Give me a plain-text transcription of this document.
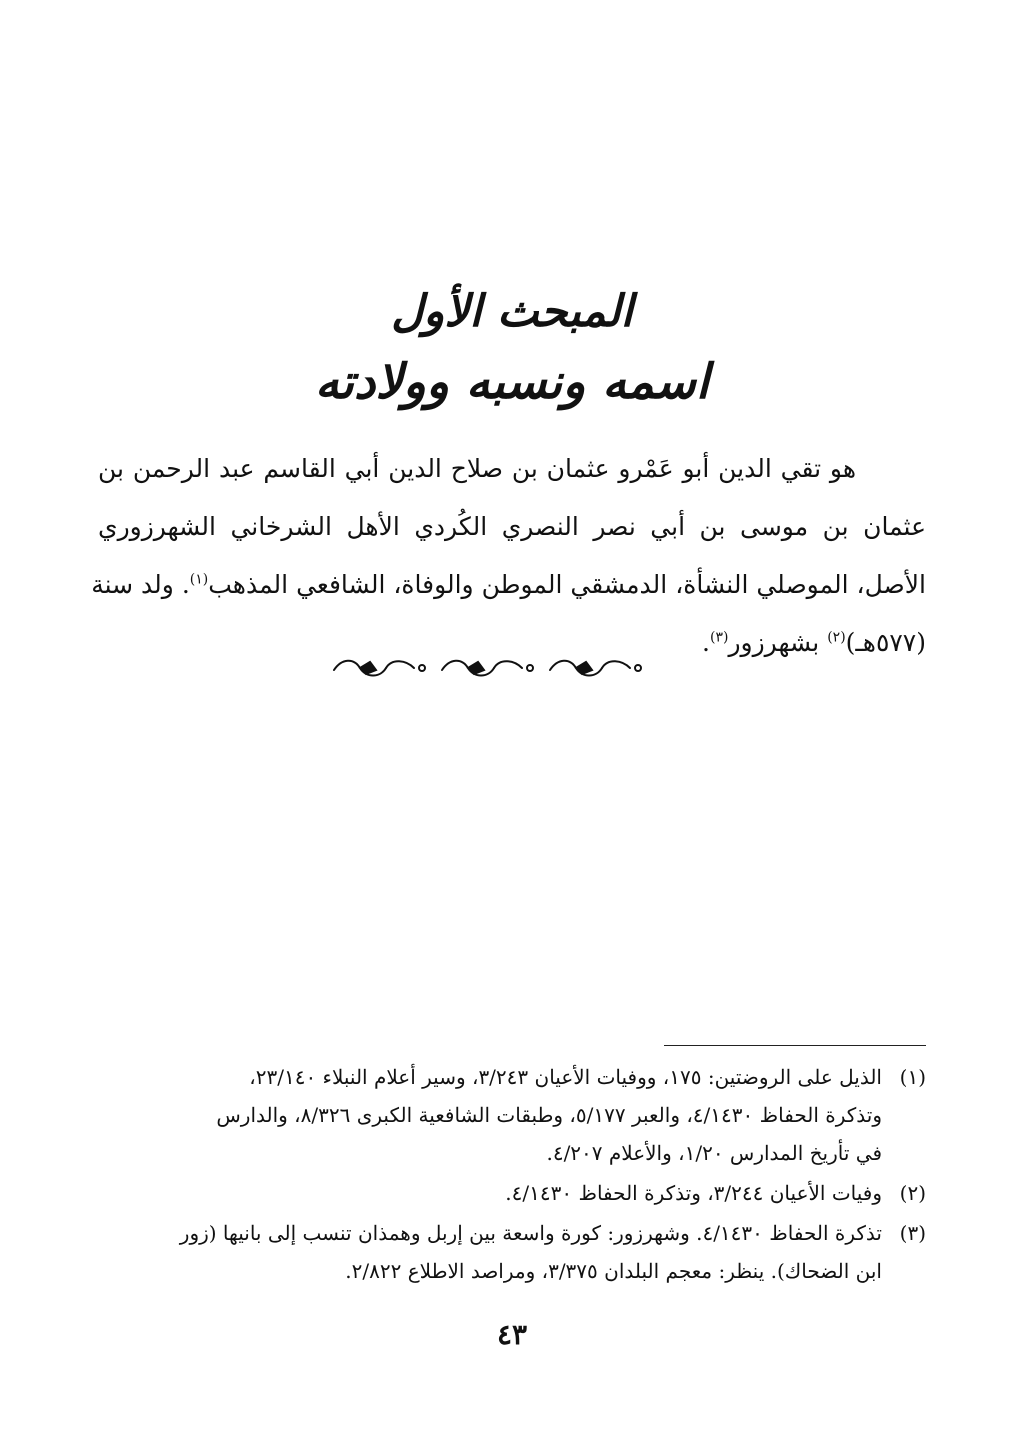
المبحث الأول

اسمه ونسبه وولادته

هو تقي الدين أبو عَمْرو عثمان بن صلاح الدين أبي القاسم عبد الرحمن بن
عثمان بن موسى بن أبي نصر النصري الكُردي الأهل الشرخاني الشهرزوري
الأصل، الموصلي النشأة، الدمشقي الموطن والوفاة، الشافعي المذهب$^{(١)}$. ولد سنة
(٥٧٧هـ)$^{(٢)}$ بشهرزور$^{(٣)}$.
(١)
الذيل على الروضتين: ١٧٥، ووفيات الأعيان ٣/٢٤٣، وسير أعلام النبلاء ٢٣/١٤٠،
وتذكرة الحفاظ ٤/١٤٣٠، والعبر ٥/١٧٧، وطبقات الشافعية الكبرى ٨/٣٢٦، والدارس
في تأريخ المدارس ١/٢٠، والأعلام ٤/٢٠٧.
(٢)
وفيات الأعيان ٣/٢٤٤، وتذكرة الحفاظ ٤/١٤٣٠.
(٣)
تذكرة الحفاظ ٤/١٤٣٠. وشهرزور: كورة واسعة بين إربل وهمذان تنسب إلى بانيها (زور
ابن الضحاك). ينظر: معجم البلدان ٣/٣٧٥، ومراصد الاطلاع ٢/٨٢٢.
٤٣
